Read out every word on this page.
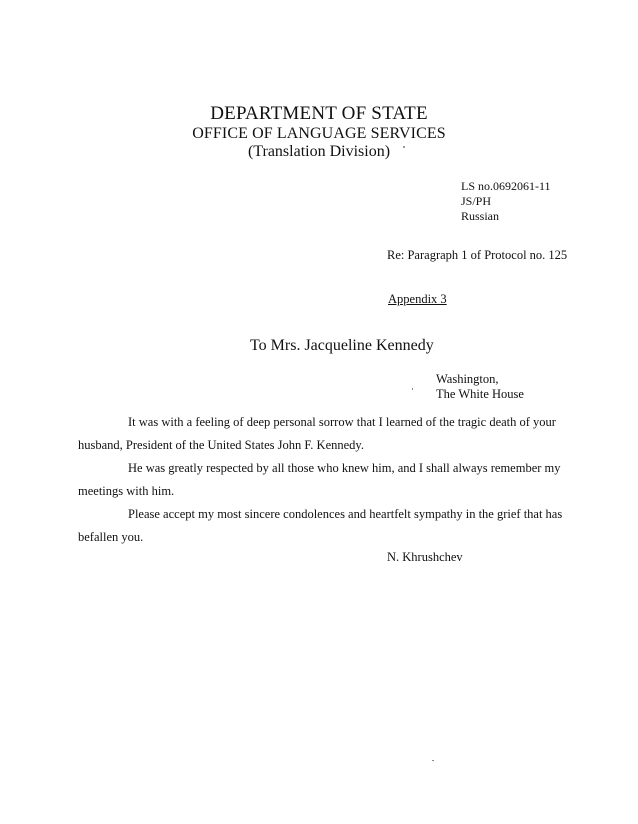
DEPARTMENT OF STATE
OFFICE OF LANGUAGE SERVICES
(Translation Division)
LS no.0692061-11
JS/PH
Russian
Re: Paragraph 1 of Protocol no. 125
Appendix 3
To Mrs. Jacqueline Kennedy
Washington,
The White House
It was with a feeling of deep personal sorrow that I learned of the tragic death of your
husband, President of the United States John F. Kennedy.
He was greatly respected by all those who knew him, and I shall always remember my
meetings with him.
Please accept my most sincere condolences and heartfelt sympathy in the grief that has
befallen you.
N. Khrushchev
